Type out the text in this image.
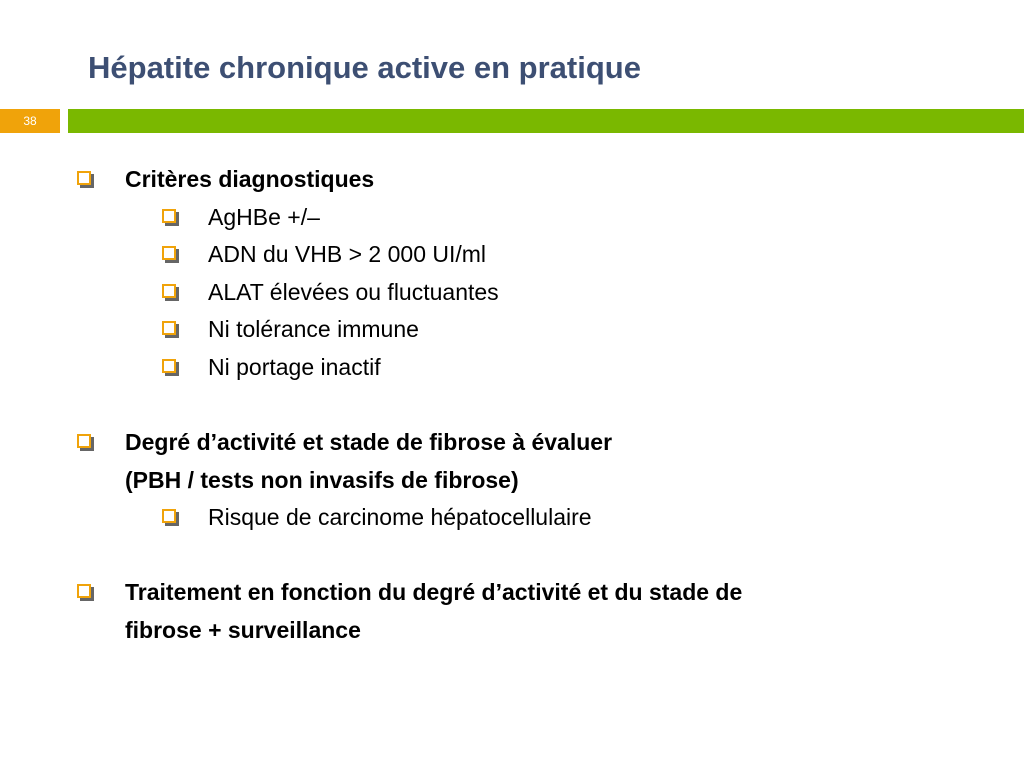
Hépatite chronique active en pratique
38
Critères diagnostiques
AgHBe +/–
ADN du VHB > 2 000 UI/ml
ALAT élevées ou fluctuantes
Ni tolérance immune
Ni portage inactif
Degré d’activité et stade de fibrose à évaluer
(PBH / tests non invasifs de fibrose)
Risque de carcinome hépatocellulaire
Traitement en fonction du degré d’activité et du stade de
fibrose + surveillance
